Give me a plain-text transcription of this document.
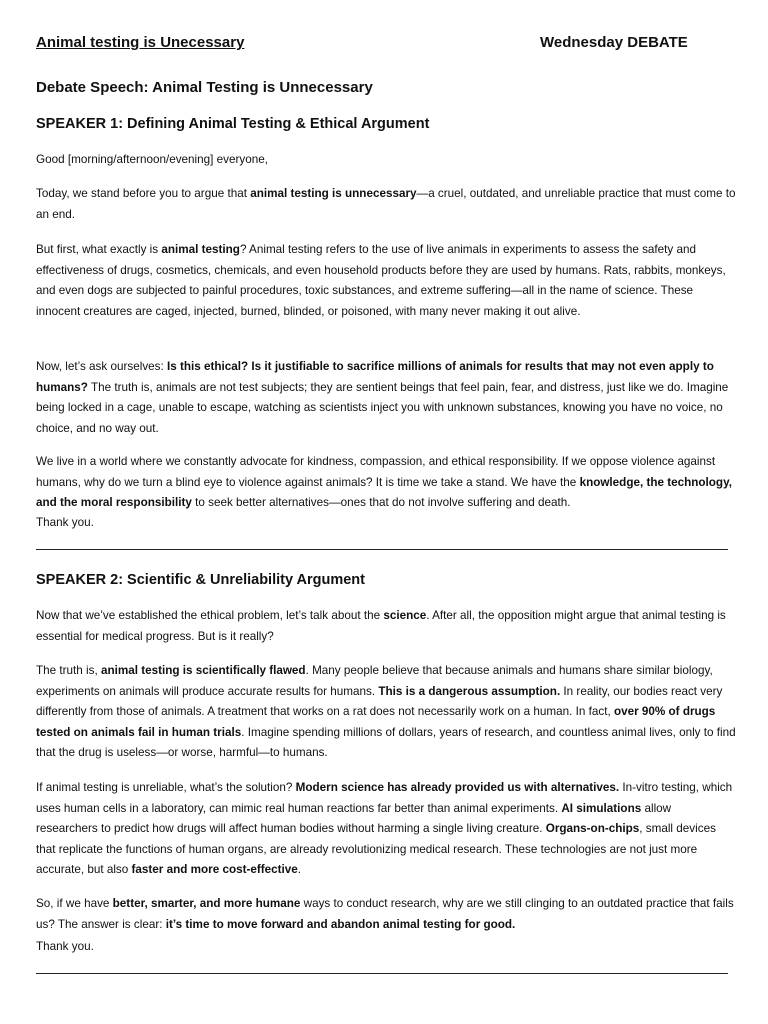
Animal testing is Unecessary	Wednesday DEBATE
Debate Speech: Animal Testing is Unnecessary
SPEAKER 1: Defining Animal Testing & Ethical Argument

Good [morning/afternoon/evening] everyone,

Today, we stand before you to argue that animal testing is unnecessary—a cruel, outdated, and unreliable practice that must come to an end.

But first, what exactly is animal testing? Animal testing refers to the use of live animals in experiments to assess the safety and effectiveness of drugs, cosmetics, chemicals, and even household products before they are used by humans. Rats, rabbits, monkeys, and even dogs are subjected to painful procedures, toxic substances, and extreme suffering—all in the name of science. These innocent creatures are caged, injected, burned, blinded, or poisoned, with many never making it out alive.

Now, let’s ask ourselves: Is this ethical? Is it justifiable to sacrifice millions of animals for results that may not even apply to humans? The truth is, animals are not test subjects; they are sentient beings that feel pain, fear, and distress, just like we do. Imagine being locked in a cage, unable to escape, watching as scientists inject you with unknown substances, knowing you have no voice, no choice, and no way out.

We live in a world where we constantly advocate for kindness, compassion, and ethical responsibility. If we oppose violence against humans, why do we turn a blind eye to violence against animals? It is time we take a stand. We have the knowledge, the technology, and the moral responsibility to seek better alternatives—ones that do not involve suffering and death.

Thank you.

SPEAKER 2: Scientific & Unreliability Argument

Now that we’ve established the ethical problem, let’s talk about the science. After all, the opposition might argue that animal testing is essential for medical progress. But is it really?

The truth is, animal testing is scientifically flawed. Many people believe that because animals and humans share similar biology, experiments on animals will produce accurate results for humans. This is a dangerous assumption. In reality, our bodies react very differently from those of animals. A treatment that works on a rat does not necessarily work on a human. In fact, over 90% of drugs tested on animals fail in human trials. Imagine spending millions of dollars, years of research, and countless animal lives, only to find that the drug is useless—or worse, harmful—to humans.

If animal testing is unreliable, what’s the solution? Modern science has already provided us with alternatives. In-vitro testing, which uses human cells in a laboratory, can mimic real human reactions far better than animal experiments. AI simulations allow researchers to predict how drugs will affect human bodies without harming a single living creature. Organs-on-chips, small devices that replicate the functions of human organs, are already revolutionizing medical research. These technologies are not just more accurate, but also faster and more cost-effective.

So, if we have better, smarter, and more humane ways to conduct research, why are we still clinging to an outdated practice that fails us? The answer is clear: it’s time to move forward and abandon animal testing for good.

Thank you.
